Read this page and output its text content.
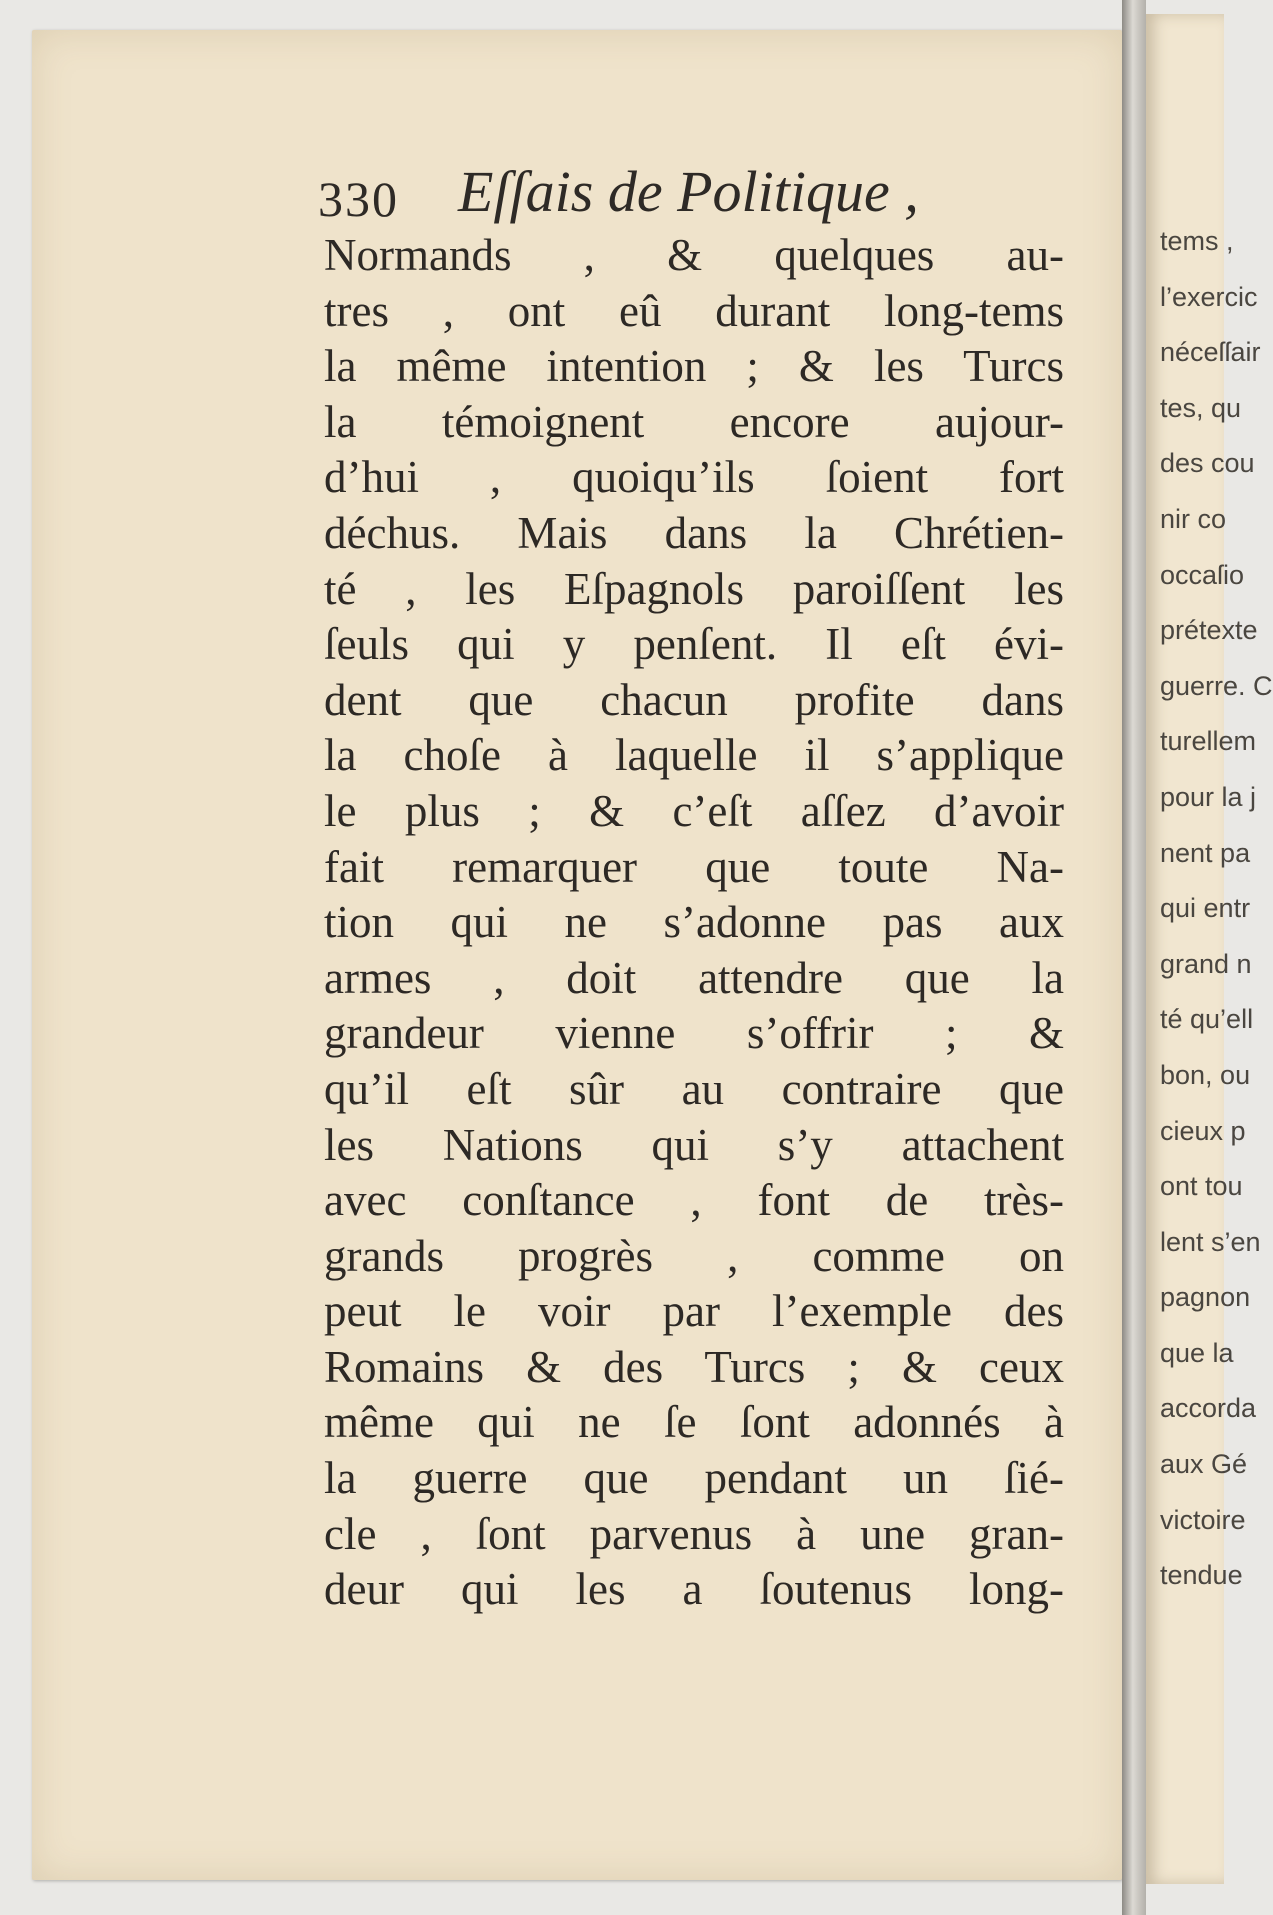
330 Eſſais de Politique ,
Normands , & quelques au-
tres , ont eû durant long-tems
la même intention ; & les Turcs
la témoignent encore aujour-
d’hui , quoiqu’ils ſoient fort
déchus. Mais dans la Chrétien-
té , les Eſpagnols paroiſſent les
ſeuls qui y penſent. Il eſt évi-
dent que chacun profite dans
la choſe à laquelle il s’applique
le plus ; & c’eſt aſſez d’avoir
fait remarquer que toute Na-
tion qui ne s’adonne pas aux
armes , doit attendre que la
grandeur vienne s’offrir ; &
qu’il eſt sûr au contraire que
les Nations qui s’y attachent
avec conſtance , font de très-
grands progrès , comme on
peut le voir par l’exemple des
Romains & des Turcs ; & ceux
même qui ne ſe ſont adonnés à
la guerre que pendant un ſié-
cle , ſont parvenus à une gran-
deur qui les a ſoutenus long-
tems ,
l’exercic
néceſſair
tes, qu
des cou
nir co
occaſio
prétexte
guerre. C
turellem
pour la j
nent pa
qui entr
grand n
té qu’ell
bon, ou
cieux p
ont tou
lent s’en
pagnon
que la
accorda
aux Gé
victoire
tendue
